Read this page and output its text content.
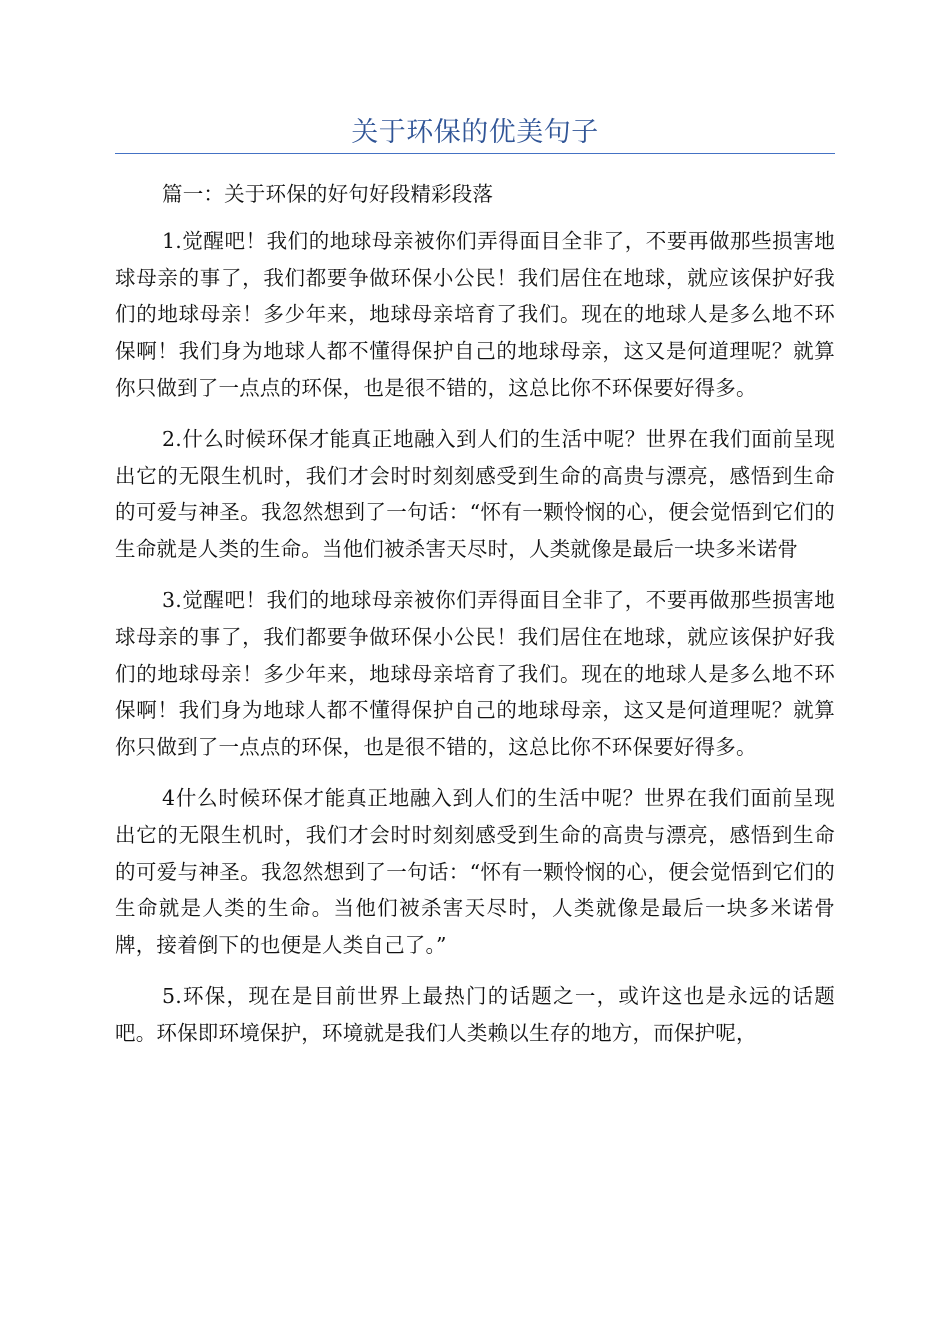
关于环保的优美句子

篇一：关于环保的好句好段精彩段落

1.觉醒吧！我们的地球母亲被你们弄得面目全非了，不要再做那些损害地球母亲的事了，我们都要争做环保小公民！我们居住在地球，就应该保护好我们的地球母亲！多少年来，地球母亲培育了我们。现在的地球人是多么地不环保啊！我们身为地球人都不懂得保护自己的地球母亲，这又是何道理呢？就算你只做到了一点点的环保，也是很不错的，这总比你不环保要好得多。

2.什么时候环保才能真正地融入到人们的生活中呢？世界在我们面前呈现出它的无限生机时，我们才会时时刻刻感受到生命的高贵与漂亮，感悟到生命的可爱与神圣。我忽然想到了一句话：“怀有一颗怜悯的心，便会觉悟到它们的生命就是人类的生命。当他们被杀害天尽时，人类就像是最后一块多米诺骨

3.觉醒吧！我们的地球母亲被你们弄得面目全非了，不要再做那些损害地球母亲的事了，我们都要争做环保小公民！我们居住在地球，就应该保护好我们的地球母亲！多少年来，地球母亲培育了我们。现在的地球人是多么地不环保啊！我们身为地球人都不懂得保护自己的地球母亲，这又是何道理呢？就算你只做到了一点点的环保，也是很不错的，这总比你不环保要好得多。

4什么时候环保才能真正地融入到人们的生活中呢？世界在我们面前呈现出它的无限生机时，我们才会时时刻刻感受到生命的高贵与漂亮，感悟到生命的可爱与神圣。我忽然想到了一句话：“怀有一颗怜悯的心，便会觉悟到它们的生命就是人类的生命。当他们被杀害天尽时，人类就像是最后一块多米诺骨牌，接着倒下的也便是人类自己了。”

5.环保，现在是目前世界上最热门的话题之一，或许这也是永远的话题吧。环保即环境保护，环境就是我们人类赖以生存的地方，而保护呢，
